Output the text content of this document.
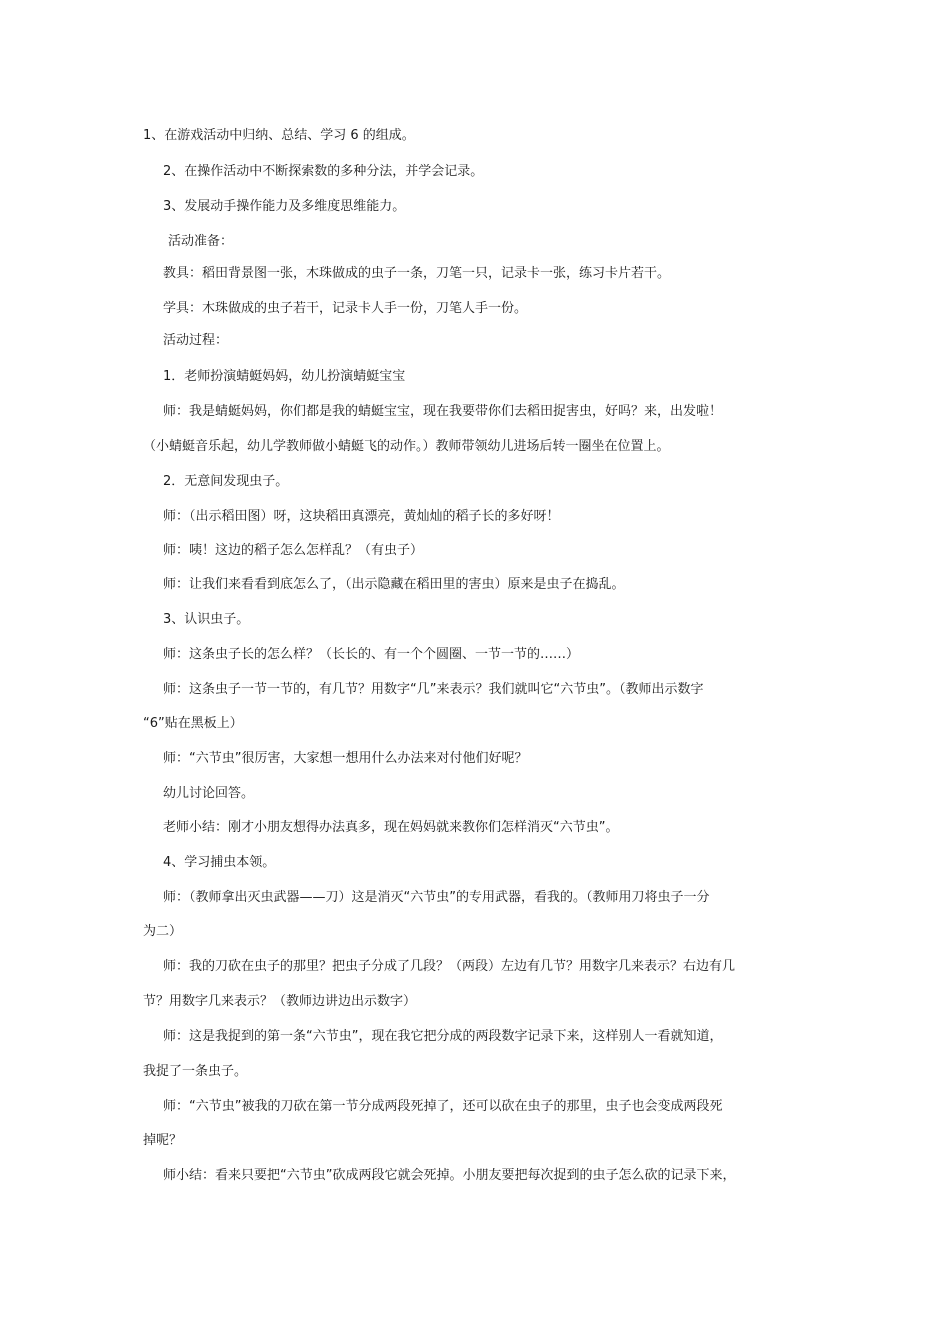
1、在游戏活动中归纳、总结、学习 6 的组成。
2、在操作活动中不断探索数的多种分法，并学会记录。
3、发展动手操作能力及多维度思维能力。
活动准备：
教具：稻田背景图一张，木珠做成的虫子一条，刀笔一只，记录卡一张，练习卡片若干。
学具：木珠做成的虫子若干，记录卡人手一份，刀笔人手一份。
活动过程：
1．老师扮演蜻蜓妈妈，幼儿扮演蜻蜓宝宝
师：我是蜻蜓妈妈，你们都是我的蜻蜓宝宝，现在我要带你们去稻田捉害虫，好吗？来，出发啦！
（小蜻蜓音乐起，幼儿学教师做小蜻蜓飞的动作。）教师带领幼儿进场后转一圈坐在位置上。
2．无意间发现虫子。
师：（出示稻田图）呀，这块稻田真漂亮，黄灿灿的稻子长的多好呀！
师：咦！这边的稻子怎么怎样乱？（有虫子）
师：让我们来看看到底怎么了，（出示隐藏在稻田里的害虫）原来是虫子在捣乱。
3、认识虫子。
师：这条虫子长的怎么样？（长长的、有一个个圆圈、一节一节的……）
师：这条虫子一节一节的，有几节？用数字“几”来表示？我们就叫它“六节虫”。（教师出示数字
“6”贴在黑板上）
师：“六节虫”很厉害，大家想一想用什么办法来对付他们好呢？
幼儿讨论回答。
老师小结：刚才小朋友想得办法真多，现在妈妈就来教你们怎样消灭“六节虫”。
4、学习捕虫本领。
师：（教师拿出灭虫武器——刀）这是消灭“六节虫”的专用武器，看我的。（教师用刀将虫子一分
为二）
师：我的刀砍在虫子的那里？把虫子分成了几段？（两段）左边有几节？用数字几来表示？右边有几
节？用数字几来表示？（教师边讲边出示数字）
师：这是我捉到的第一条“六节虫”，现在我它把分成的两段数字记录下来，这样别人一看就知道，
我捉了一条虫子。
师：“六节虫”被我的刀砍在第一节分成两段死掉了，还可以砍在虫子的那里，虫子也会变成两段死
掉呢？
师小结：看来只要把“六节虫”砍成两段它就会死掉。小朋友要把每次捉到的虫子怎么砍的记录下来，
